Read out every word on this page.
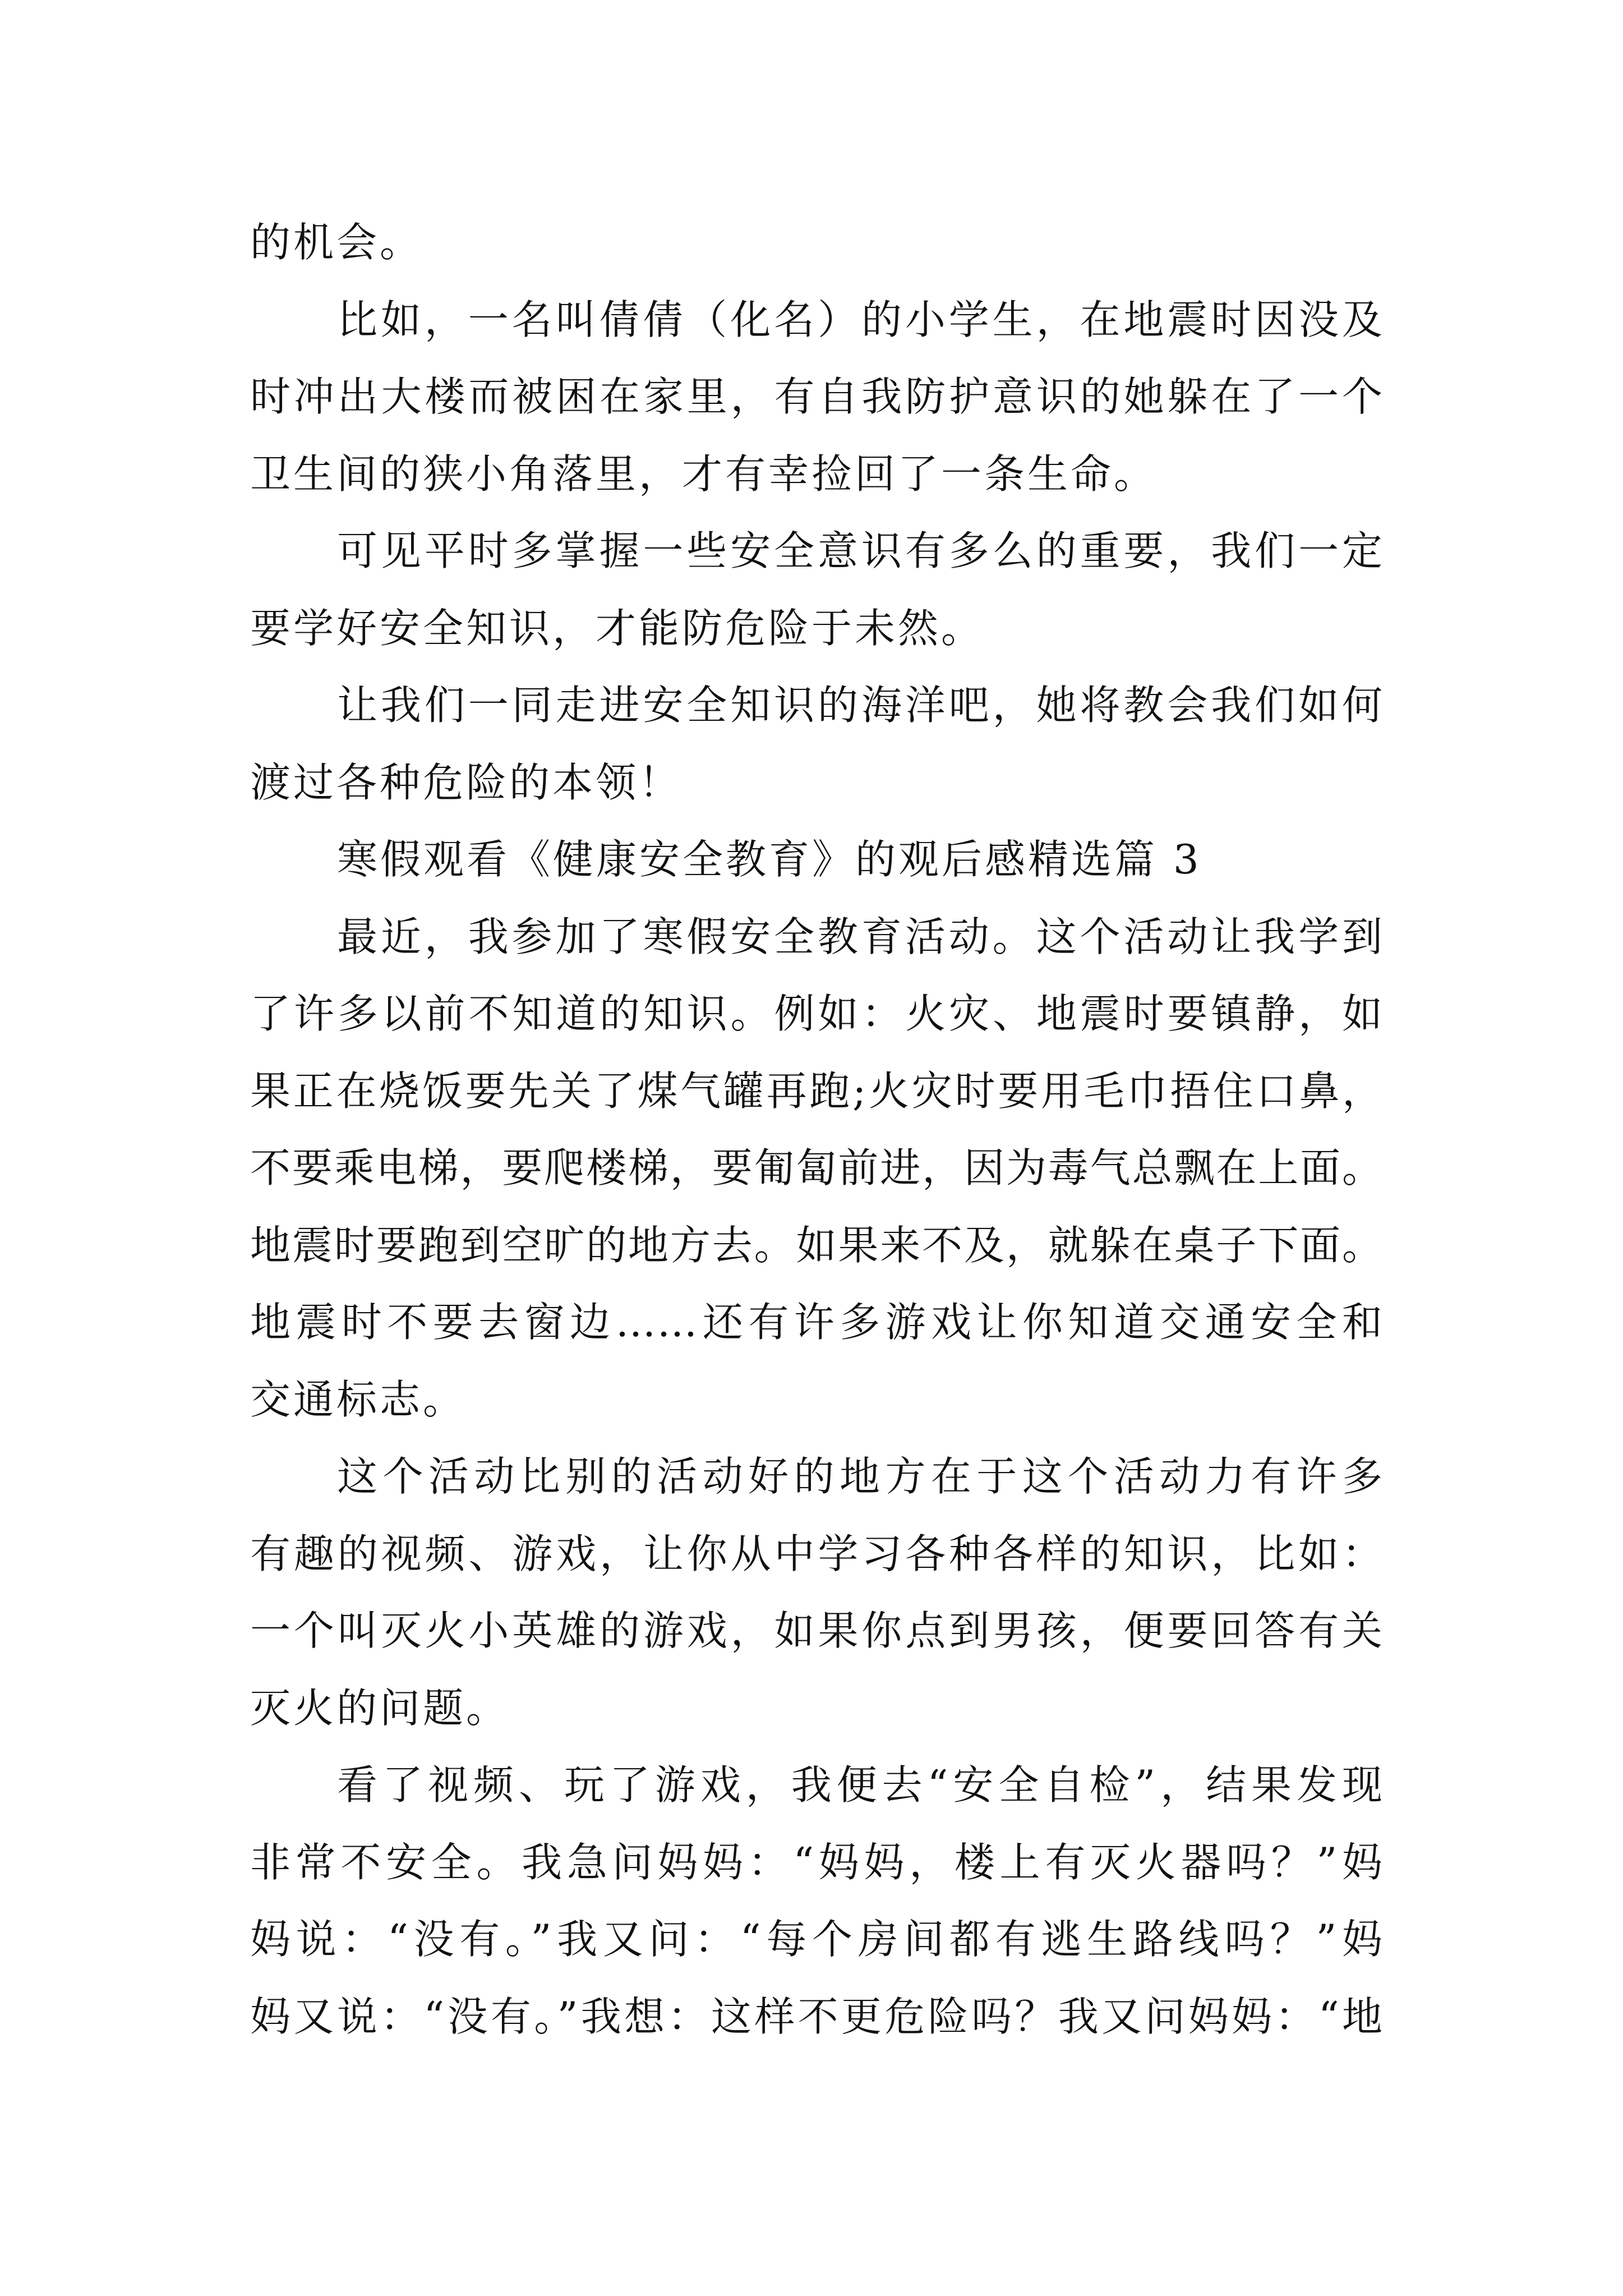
的机会。
比如，一名叫倩倩（化名）的小学生，在地震时因没及
时冲出大楼而被困在家里，有自我防护意识的她躲在了一个
卫生间的狭小角落里，才有幸捡回了一条生命。
可见平时多掌握一些安全意识有多么的重要，我们一定
要学好安全知识，才能防危险于未然。
让我们一同走进安全知识的海洋吧，她将教会我们如何
渡过各种危险的本领！
寒假观看《健康安全教育》的观后感精选篇 3
最近，我参加了寒假安全教育活动。这个活动让我学到
了许多以前不知道的知识。例如：火灾、地震时要镇静，如
果正在烧饭要先关了煤气罐再跑;火灾时要用毛巾捂住口鼻，
不要乘电梯，要爬楼梯，要匍匐前进，因为毒气总飘在上面。
地震时要跑到空旷的地方去。如果来不及，就躲在桌子下面。
地震时不要去窗边……还有许多游戏让你知道交通安全和
交通标志。
这个活动比别的活动好的地方在于这个活动力有许多
有趣的视频、游戏，让你从中学习各种各样的知识，比如：
一个叫灭火小英雄的游戏，如果你点到男孩，便要回答有关
灭火的问题。
看了视频、玩了游戏，我便去“安全自检”，结果发现
非常不安全。我急问妈妈：“妈妈，楼上有灭火器吗？”妈
妈说：“没有。”我又问：“每个房间都有逃生路线吗？”妈
妈又说：“没有。”我想：这样不更危险吗？我又问妈妈：“地
